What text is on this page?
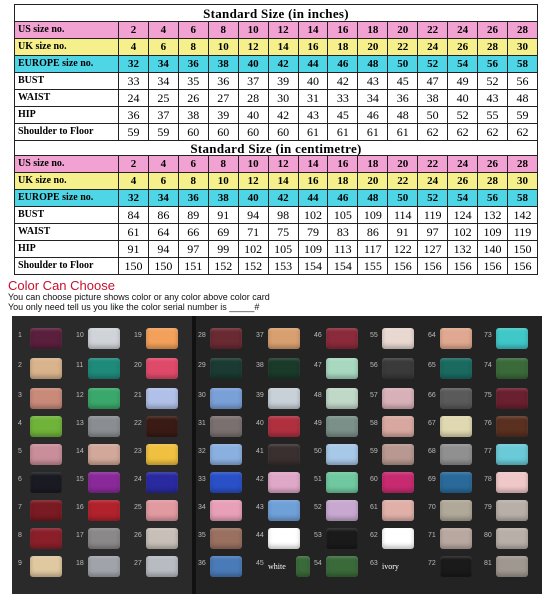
Standard Size (in inches)														
US size no.	2	4	6	8	10	12	14	16	18	20	22	24	26	28
UK size no.	4	6	8	10	12	14	16	18	20	22	24	26	28	30
EUROPE size no.	32	34	36	38	40	42	44	46	48	50	52	54	56	58
BUST	33	34	35	36	37	39	40	42	43	45	47	49	52	56
WAIST	24	25	26	27	28	30	31	33	34	36	38	40	43	48
HIP	36	37	38	39	40	42	43	45	46	48	50	52	55	59
Shoulder to Floor	59	59	60	60	60	60	61	61	61	61	62	62	62	62
Standard Size (in centimetre)														
US size no.	2	4	6	8	10	12	14	16	18	20	22	24	26	28
UK size no.	4	6	8	10	12	14	16	18	20	22	24	26	28	30
EUROPE size no.	32	34	36	38	40	42	44	46	48	50	52	54	56	58
BUST	84	86	89	91	94	98	102	105	109	114	119	124	132	142
WAIST	61	64	66	69	71	75	79	83	86	91	97	102	109	119
HIP	91	94	97	99	102	105	109	113	117	122	127	132	140	150
Shoulder to Floor	150	150	151	152	152	153	154	154	155	156	156	156	156	156
Color Can Choose
You can choose picture shows color or any color above color card
You only need tell us you like the color serial number is _____#
1
2
3
4
5
6
7
8
9
10
11
12
13
14
15
16
17
18
19
20
21
22
23
24
25
26
27
28
29
30
31
32
33
34
35
36
37
38
39
40
41
42
43
44
45 white
46
47
48
49
50
51
52
53
54
55
56
57
58
59
60
61
62
63 ivory
64
65
66
67
68
69
70
71
72
73
74
75
76
77
78
79
80
81
